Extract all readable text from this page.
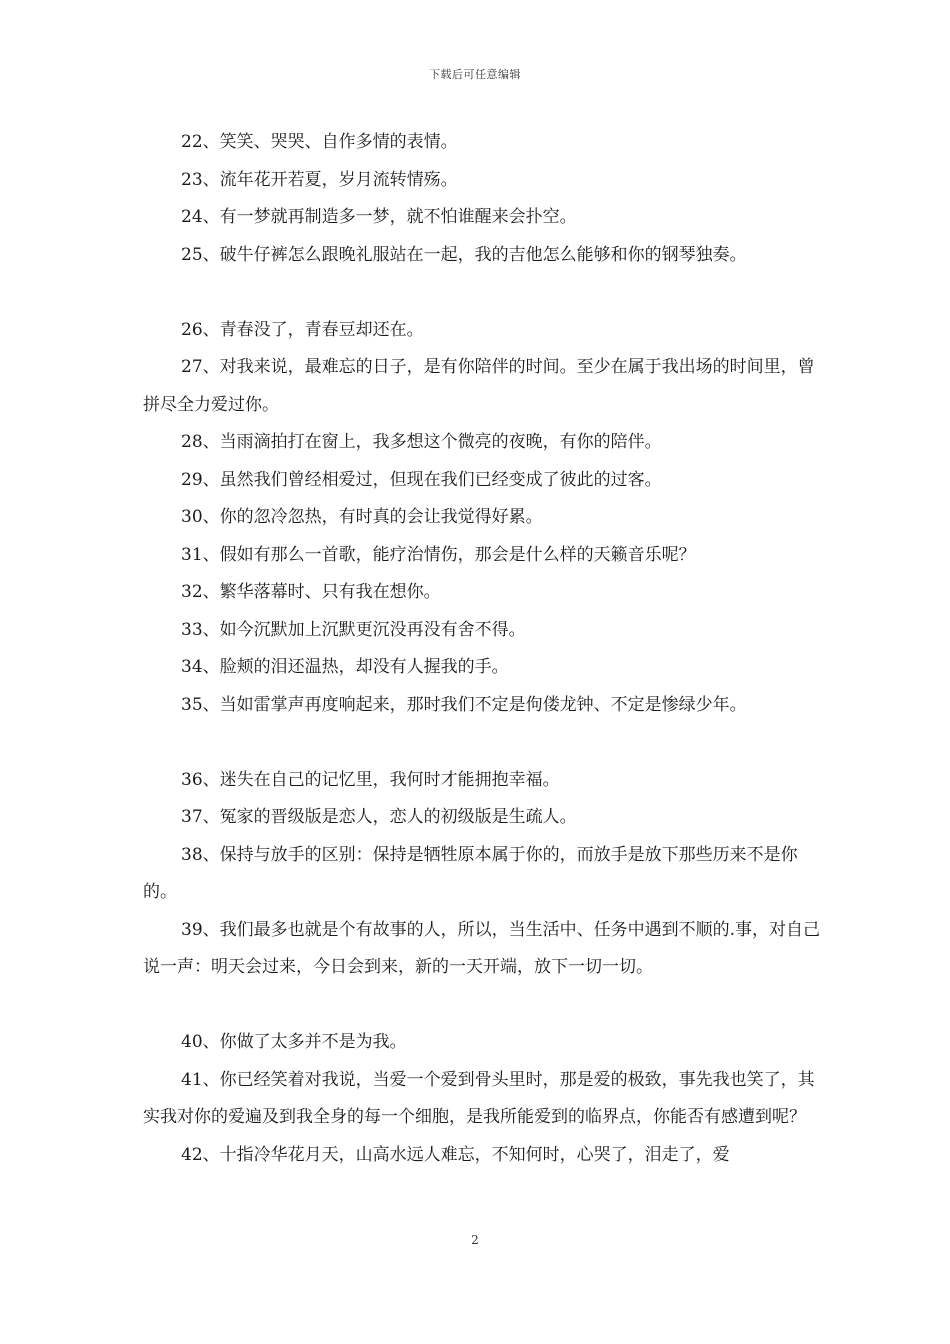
下载后可任意编辑

22、笑笑、哭哭、自作多情的表情。

23、流年花开若夏，岁月流转情殇。

24、有一梦就再制造多一梦，就不怕谁醒来会扑空。

25、破牛仔裤怎么跟晚礼服站在一起，我的吉他怎么能够和你的钢琴独奏。

26、青春没了，青春豆却还在。

27、对我来说，最难忘的日子，是有你陪伴的时间。至少在属于我出场的时间里，曾拼尽全力爱过你。

28、当雨滴拍打在窗上，我多想这个微亮的夜晚，有你的陪伴。

29、虽然我们曾经相爱过，但现在我们已经变成了彼此的过客。

30、你的忽冷忽热，有时真的会让我觉得好累。

31、假如有那么一首歌，能疗治情伤，那会是什么样的天籁音乐呢？

32、繁华落幕时、只有我在想你。

33、如今沉默加上沉默更沉没再没有舍不得。

34、脸颊的泪还温热，却没有人握我的手。

35、当如雷掌声再度响起来，那时我们不定是佝偻龙钟、不定是惨绿少年。

36、迷失在自己的记忆里，我何时才能拥抱幸福。

37、冤家的晋级版是恋人，恋人的初级版是生疏人。

38、保持与放手的区别：保持是牺牲原本属于你的，而放手是放下那些历来不是你的。

39、我们最多也就是个有故事的人，所以，当生活中、任务中遇到不顺的.事，对自己说一声：明天会过来，今日会到来，新的一天开端，放下一切一切。

40、你做了太多并不是为我。

41、你已经笑着对我说，当爱一个爱到骨头里时，那是爱的极致，事先我也笑了，其实我对你的爱遍及到我全身的每一个细胞，是我所能爱到的临界点，你能否有感遭到呢？

42、十指冷华花月天，山高水远人难忘，不知何时，心哭了，泪走了，爱

2
